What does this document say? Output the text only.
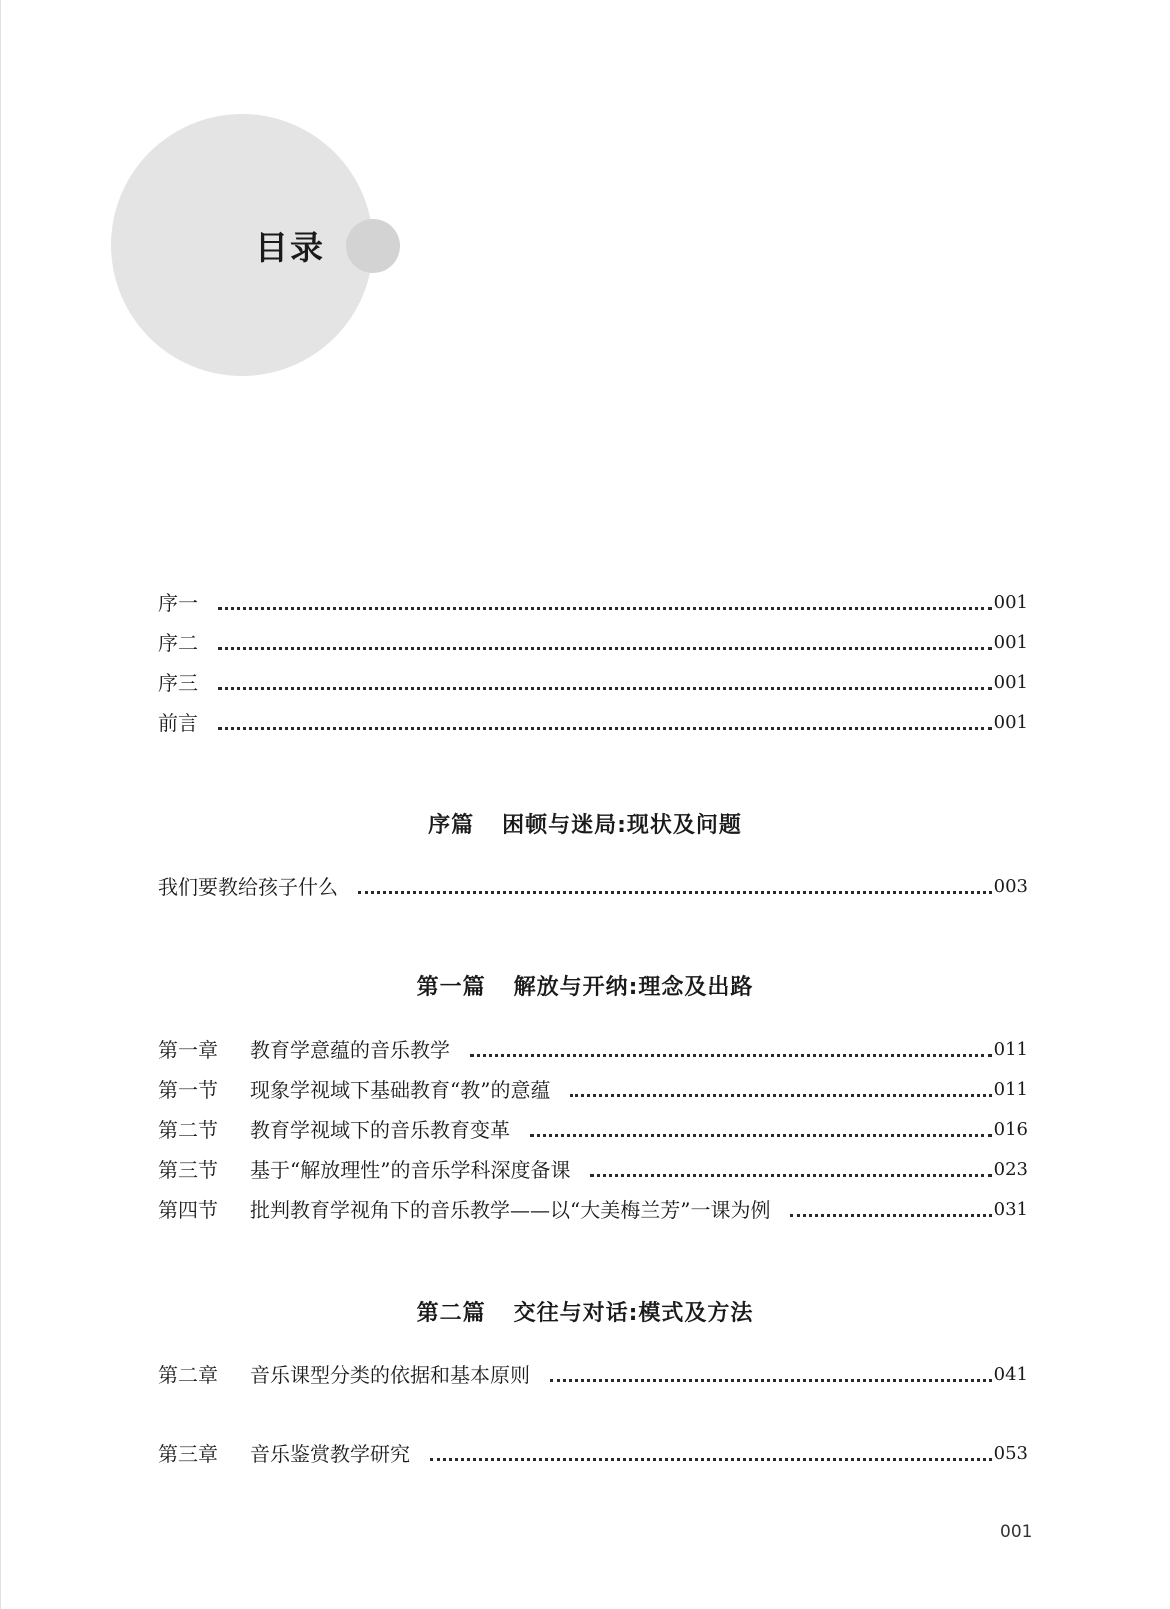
目录
序一	001
序二	001
序三	001
前言	001
序篇 困顿与迷局:现状及问题
我们要教给孩子什么	003
第一篇 解放与开纳:理念及出路
第一章	教育学意蕴的音乐教学	011
第一节	现象学视域下基础教育“教”的意蕴	011
第二节	教育学视域下的音乐教育变革	016
第三节	基于“解放理性”的音乐学科深度备课	023
第四节	批判教育学视角下的音乐教学——以“大美梅兰芳”一课为例	031
第二篇 交往与对话:模式及方法
第二章	音乐课型分类的依据和基本原则	041
第三章	音乐鉴赏教学研究	053
001
